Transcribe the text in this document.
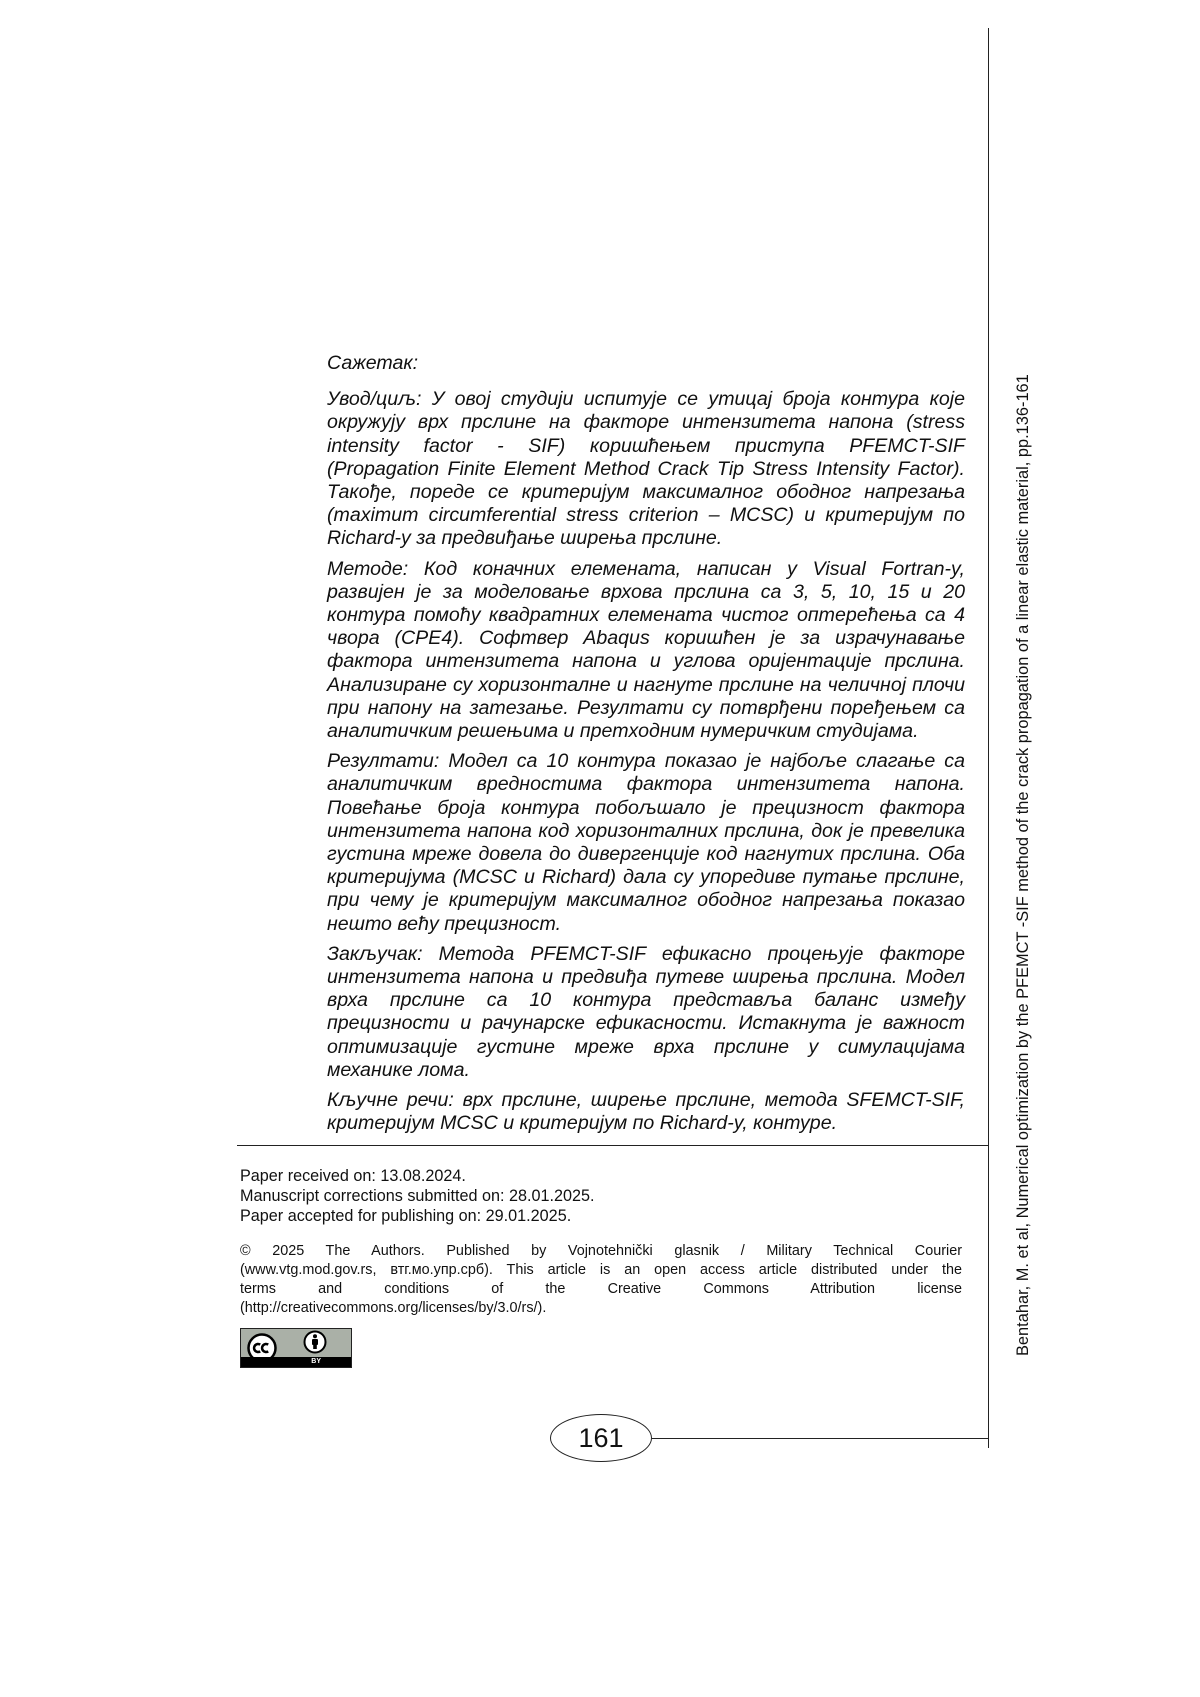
Bentahar, M. et al, Numerical optimization by the PFEMCT -SIF method of the crack propagation of a linear elastic material, pp.136-161

Сажетак:

Увод/циљ: У овој студији испитује се утицај броја контура које окружују врх прслине на факторе интензитета напона (stress intensity factor - SIF) коришћењем приступа PFEMCT-SIF (Propagation Finite Element Method Crack Tip Stress Intensity Factor). Такође, пореде се критеријум максималног ободног напрезања (maximum circumferential stress criterion – MCSC) и критеријум по Richard-у за предвиђање ширења прслине.

Методе: Код коначних елемената, написан у Visual Fortran-у, развијен је за моделовање врхова прслина са 3, 5, 10, 15 и 20 контура помоћу квадратних елемената чистог оптерећења са 4 чвора (CPE4). Софтвер Abaqus коришћен је за израчунавање фактора интензитета напона и углова оријентације прслина. Анализиране су хоризонталне и нагнуте прслине на челичној плочи при напону на затезање. Резултати су потврђени поређењем са аналитичким решењима и претходним нумеричким студијама.

Резултати: Модел са 10 контура показао је најбоље слагање са аналитичким вредностима фактора интензитета напона. Повећање броја контура побољшало је прецизност фактора интензитета напона код хоризонталних прслина, док је превелика густина мреже довела до дивергенције код нагнутих прслина. Оба критеријума (MCSC и Richard) дала су упоредиве путање прслине, при чему је критеријум максималног ободног напрезања показао нешто већу прецизност.

Закључак: Метода PFEMCT-SIF ефикасно процењује факторе интензитета напона и предвиђа путеве ширења прслина. Модел врха прслине са 10 контура представља баланс између прецизности и рачунарске ефикасности. Истакнута је важност оптимизације густине мреже врха прслине у симулацијама механике лома.

Кључне речи: врх прслине, ширење прслине, метода SFEMCT-SIF, критеријум MCSC и критеријум по Richard-у, контуре.

Paper received on: 13.08.2024.
Manuscript corrections submitted on: 28.01.2025.
Paper accepted for publishing on: 29.01.2025.
© 2025 The Authors. Published by Vojnotehnički glasnik / Military Technical Courier
(www.vtg.mod.gov.rs, втг.мо.упр.срб). This article is an open access article distributed under the
terms and conditions of the Creative Commons Attribution license
(http://creativecommons.org/licenses/by/3.0/rs/).
BY
161
